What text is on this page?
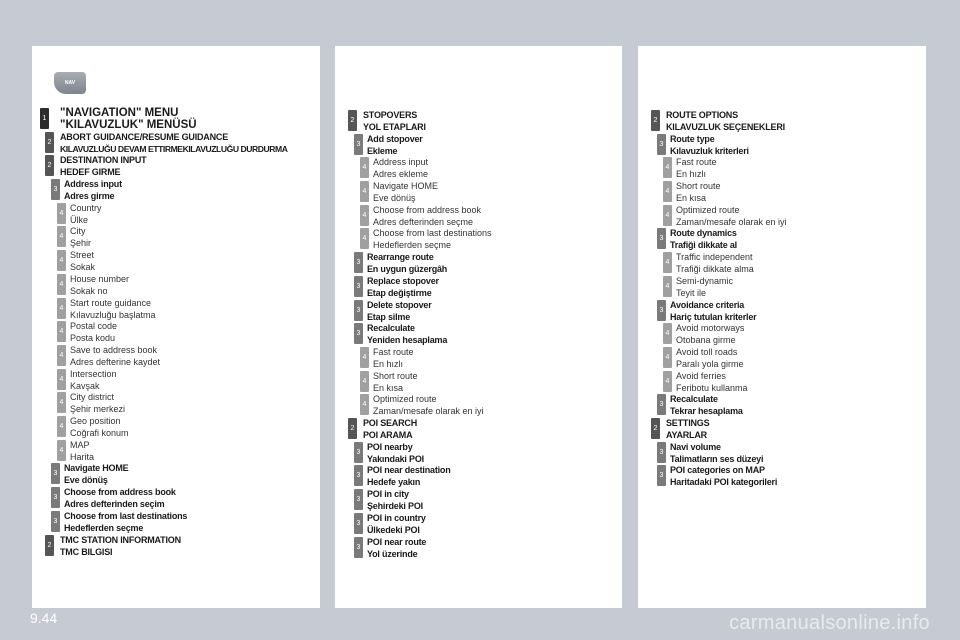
NAV
1 "NAVIGATION" MENU
"KILAVUZLUK" MENÜSÜ
2
ABORT GUIDANCE/RESUME GUIDANCE
KILAVUZLUĞU DEVAM ETTIRMEKILAVUZLUĞU DURDURMA
2
DESTINATION INPUT
HEDEF GIRME
3
Address input
Adres girme
4
Country
Ülke
4
City
Şehir
4
Street
Sokak
4
House number
Sokak no
4
Start route guidance
Kılavuzluğu başlatma
4
Postal code
Posta kodu
4
Save to address book
Adres defterine kaydet
4
Intersection
Kavşak
4
City district
Şehir merkezi
4
Geo position
Coğrafi konum
4
MAP
Harita
3
Navigate HOME
Eve dönüş
3
Choose from address book
Adres defterinden seçim
3
Choose from last destinations
Hedeflerden seçme
2
TMC STATION INFORMATION
TMC BILGISI
2
STOPOVERS
YOL ETAPLARI
3
Add stopover
Ekleme
4
Address input
Adres ekleme
4
Navigate HOME
Eve dönüş
4
Choose from address book
Adres defterinden seçme
4
Choose from last destinations
Hedeflerden seçme
3
Rearrange route
En uygun güzergâh
3
Replace stopover
Etap değiştirme
3
Delete stopover
Etap silme
3
Recalculate
Yeniden hesaplama
4
Fast route
En hızlı
4
Short route
En kısa
4
Optimized route
Zaman/mesafe olarak en iyi
2
POI SEARCH
POI ARAMA
3
POI nearby
Yakındaki POI
3
POI near destination
Hedefe yakın
3
POI in city
Şehirdeki POI
3
POI in country
Ülkedeki POI
3
POI near route
Yol üzerinde
2
ROUTE OPTIONS
KILAVUZLUK SEÇENEKLERI
3
Route type
Kılavuzluk kriterleri
4
Fast route
En hızlı
4
Short route
En kısa
4
Optimized route
Zaman/mesafe olarak en iyi
3
Route dynamics
Trafiği dikkate al
4
Traffic independent
Trafiği dikkate alma
4
Semi-dynamic
Teyit ile
3
Avoidance criteria
Hariç tutulan kriterler
4
Avoid motorways
Otobana girme
4
Avoid toll roads
Paralı yola girme
4
Avoid ferries
Feribotu kullanma
3
Recalculate
Tekrar hesaplama
2
SETTINGS
AYARLAR
3
Navi volume
Talimatların ses düzeyi
3
POI categories on MAP
Haritadaki POI kategorileri
9.44	carmanualsonline.info
